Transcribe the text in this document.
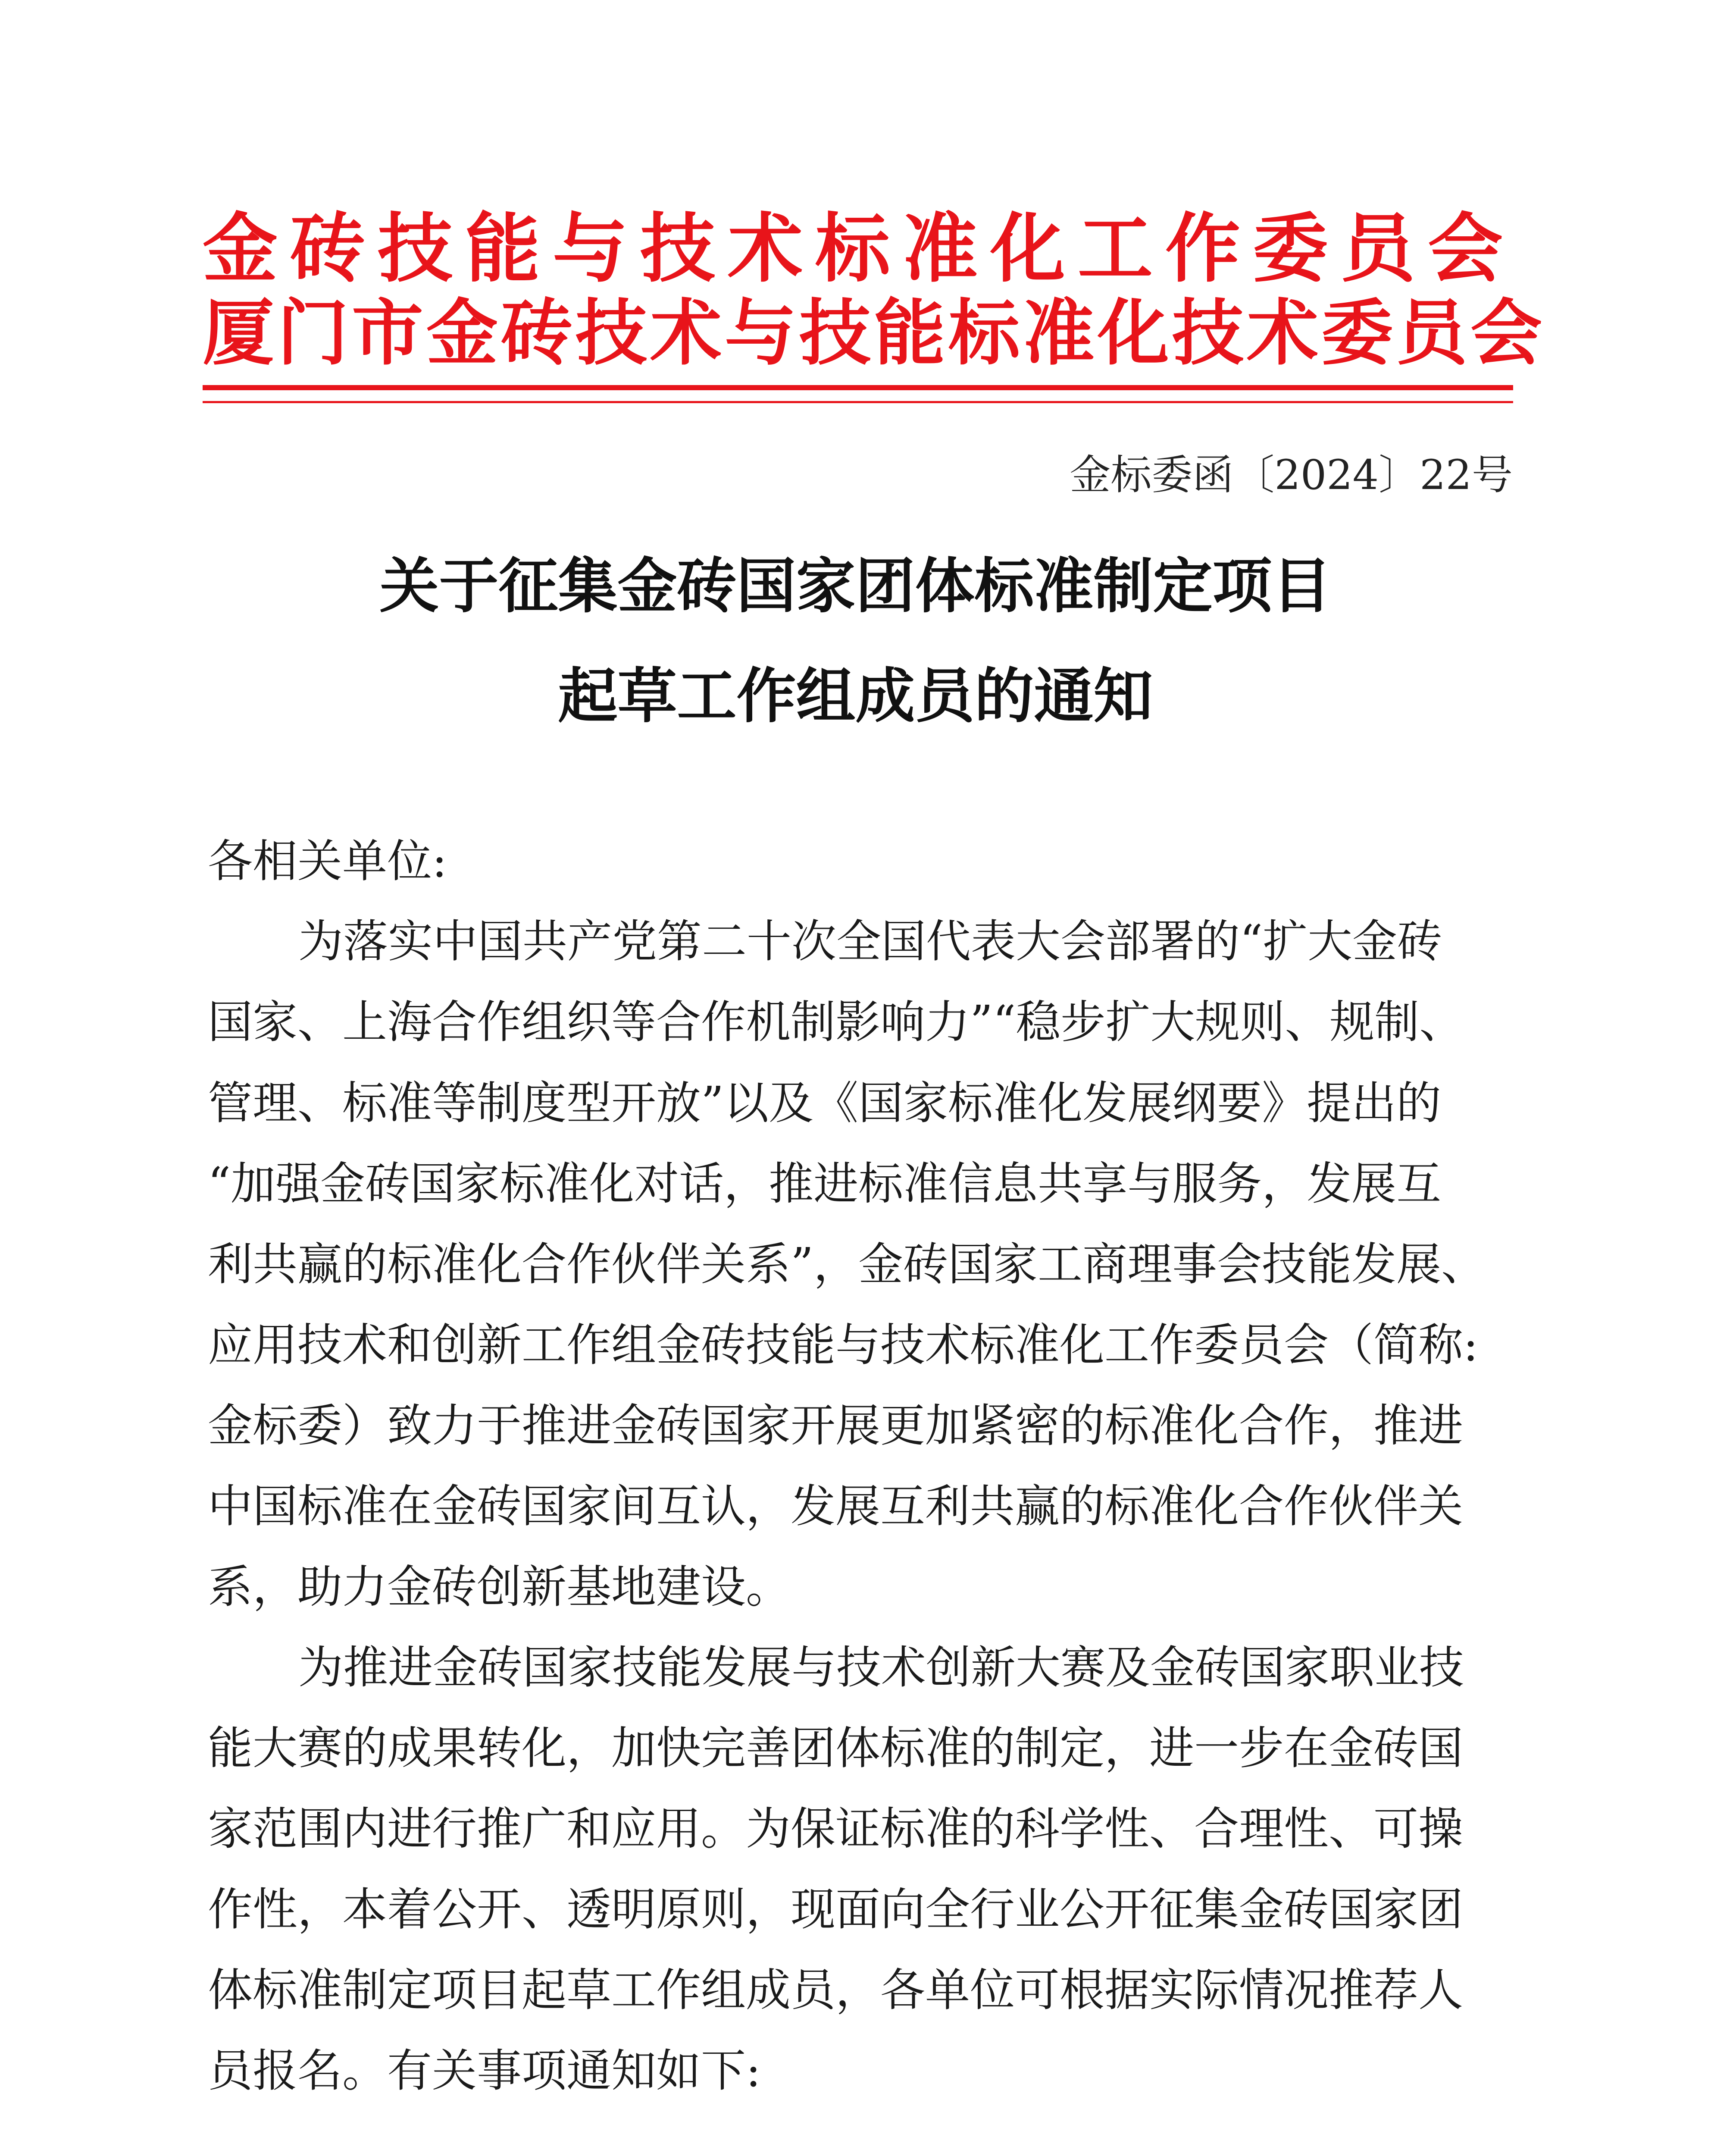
金砖技能与技术标准化工作委员会
厦门市金砖技术与技能标准化技术委员会
金标委函〔2024〕22号
关于征集金砖国家团体标准制定项目
起草工作组成员的通知
各相关单位:
为落实中国共产党第二十次全国代表大会部署的“扩大金砖
国家、上海合作组织等合作机制影响力”“稳步扩大规则、规制、
管理、标准等制度型开放”以及《国家标准化发展纲要》提出的
“加强金砖国家标准化对话，推进标准信息共享与服务，发展互
利共赢的标准化合作伙伴关系”，金砖国家工商理事会技能发展、
应用技术和创新工作组金砖技能与技术标准化工作委员会（简称:
金标委）致力于推进金砖国家开展更加紧密的标准化合作，推进
中国标准在金砖国家间互认，发展互利共赢的标准化合作伙伴关
系，助力金砖创新基地建设。
为推进金砖国家技能发展与技术创新大赛及金砖国家职业技
能大赛的成果转化，加快完善团体标准的制定，进一步在金砖国
家范围内进行推广和应用。为保证标准的科学性、合理性、可操
作性，本着公开、透明原则，现面向全行业公开征集金砖国家团
体标准制定项目起草工作组成员，各单位可根据实际情况推荐人
员报名。有关事项通知如下:
